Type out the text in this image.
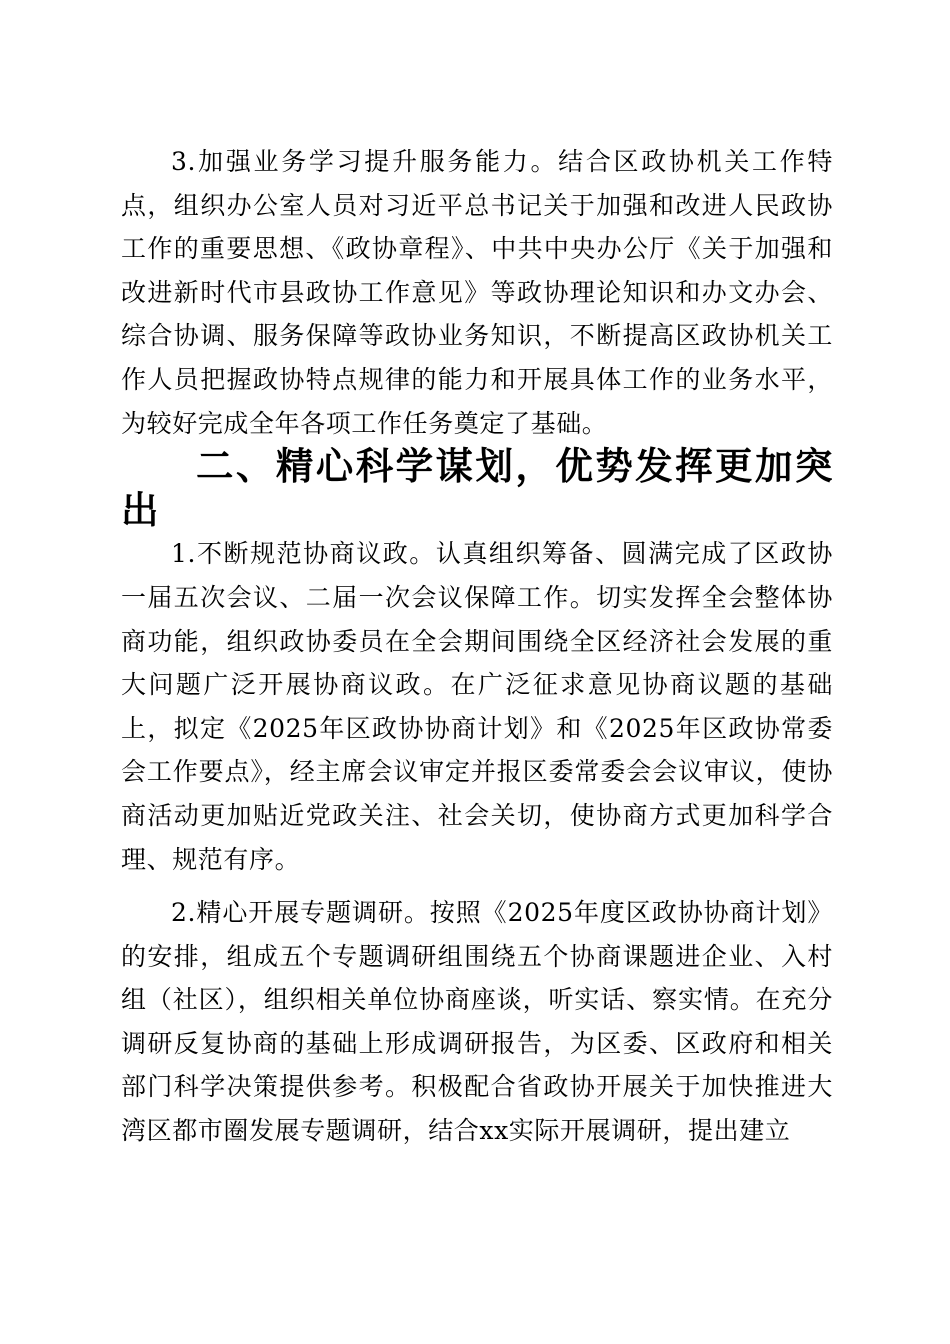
3.加强业务学习提升服务能力。结合区政协机关工作特点，组织办公室人员对习近平总书记关于加强和改进人民政协工作的重要思想、《政协章程》、中共中央办公厅《关于加强和改进新时代市县政协工作意见》等政协理论知识和办文办会、综合协调、服务保障等政协业务知识，不断提高区政协机关工作人员把握政协特点规律的能力和开展具体工作的业务水平，为较好完成全年各项工作任务奠定了基础。

二、精心科学谋划，优势发挥更加突出

1.不断规范协商议政。认真组织筹备、圆满完成了区政协一届五次会议、二届一次会议保障工作。切实发挥全会整体协商功能，组织政协委员在全会期间围绕全区经济社会发展的重大问题广泛开展协商议政。在广泛征求意见协商议题的基础上，拟定《2025年区政协协商计划》和《2025年区政协常委会工作要点》，经主席会议审定并报区委常委会会议审议，使协商活动更加贴近党政关注、社会关切，使协商方式更加科学合理、规范有序。

2.精心开展专题调研。按照《2025年度区政协协商计划》的安排，组成五个专题调研组围绕五个协商课题进企业、入村组（社区），组织相关单位协商座谈，听实话、察实情。在充分调研反复协商的基础上形成调研报告，为区委、区政府和相关部门科学决策提供参考。积极配合省政协开展关于加快推进大湾区都市圈发展专题调研，结合xx实际开展调研，提出建立
